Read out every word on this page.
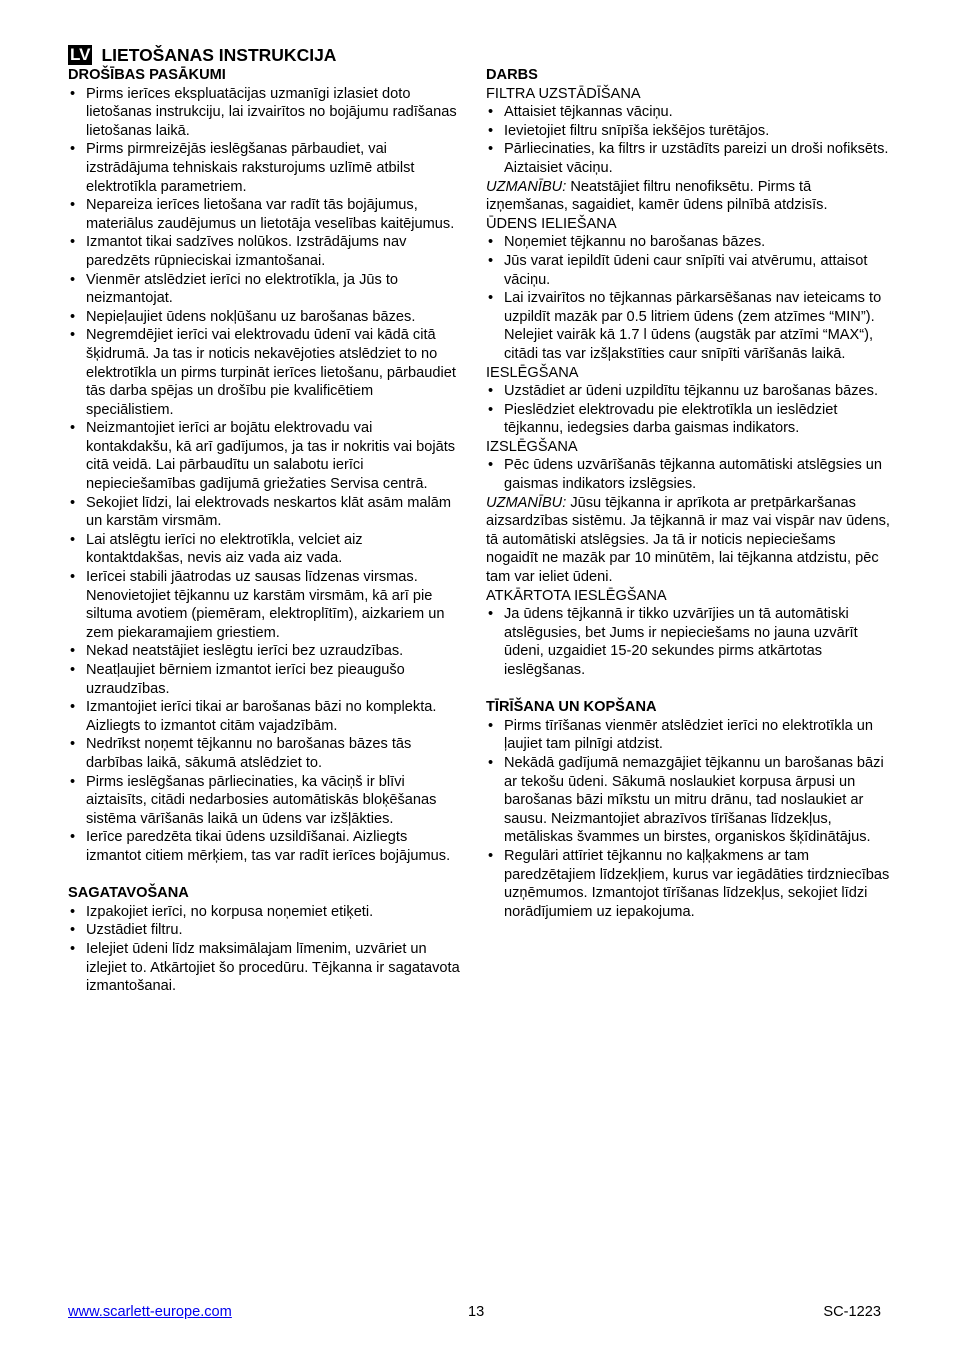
LV LIETOŠANAS INSTRUKCIJA
DROŠĪBAS PASĀKUMI
• Pirms ierīces ekspluatācijas uzmanīgi izlasiet doto lietošanas instrukciju, lai izvairītos no bojājumu radīšanas lietošanas laikā.
• Pirms pirmreizējās ieslēgšanas pārbaudiet, vai izstrādājuma tehniskais raksturojums uzlīmē atbilst elektrotīkla parametriem.
• Nepareiza ierīces lietošana var radīt tās bojājumus, materiālus zaudējumus un lietotāja veselības kaitējumus.
• Izmantot tikai sadzīves nolūkos. Izstrādājums nav paredzēts rūpnieciskai izmantošanai.
• Vienmēr atslēdziet ierīci no elektrotīkla, ja Jūs to neizmantojat.
• Nepieļaujiet ūdens nokļūšanu uz barošanas bāzes.
• Negremdējiet ierīci vai elektrovadu ūdenī vai kādā citā šķidrumā. Ja tas ir noticis nekavējoties atslēdziet to no elektrotīkla un pirms turpināt ierīces lietošanu, pārbaudiet tās darba spējas un drošību pie kvalificētiem speciālistiem.
• Neizmantojiet ierīci ar bojātu elektrovadu vai kontakdakšu, kā arī gadījumos, ja tas ir nokritis vai bojāts citā veidā. Lai pārbaudītu un salabotu ierīci nepieciešamības gadījumā griežaties Servisa centrā.
• Sekojiet līdzi, lai elektrovads neskartos klāt asām malām un karstām virsmām.
• Lai atslēgtu ierīci no elektrotīkla, velciet aiz kontaktdakšas, nevis aiz vada aiz vada.
• Ierīcei stabili jāatrodas uz sausas līdzenas virsmas. Nenovietojiet tējkannu uz karstām virsmām, kā arī pie siltuma avotiem (piemēram, elektroplītīm), aizkariem un zem piekaramajiem griestiem.
• Nekad neatstājiet ieslēgtu ierīci bez uzraudzības.
• Neatļaujiet bērniem izmantot ierīci bez pieaugušo uzraudzības.
• Izmantojiet ierīci tikai ar barošanas bāzi no komplekta. Aizliegts to izmantot citām vajadzībām.
• Nedrīkst noņemt tējkannu no barošanas bāzes tās darbības laikā, sākumā atslēdziet to.
• Pirms ieslēgšanas pārliecinaties, ka vāciņš ir blīvi aiztaisīts, citādi nedarbosies automātiskās bloķēšanas sistēma vārīšanās laikā un ūdens var izšļākties.
• Ierīce paredzēta tikai ūdens uzsildīšanai. Aizliegts izmantot citiem mērķiem, tas var radīt ierīces bojājumus.
SAGATAVOŠANA
• Izpakojiet ierīci, no korpusa noņemiet etiķeti.
• Uzstādiet filtru.
• Ielejiet ūdeni līdz maksimālajam līmenim, uzvāriet un izlejiet to. Atkārtojiet šo procedūru. Tējkanna ir sagatavota izmantošanai.
DARBS

FILTRA UZSTĀDĪŠANA

• Attaisiet tējkannas vāciņu.
• Ievietojiet filtru snīpīša iekšējos turētājos.
• Pārliecinaties, ka filtrs ir uzstādīts pareizi un droši nofiksēts. Aiztaisiet vāciņu.

UZMANĪBU: Neatstājiet filtru nenofiksētu. Pirms tā izņemšanas, sagaidiet, kamēr ūdens pilnībā atdzisīs.

ŪDENS IELIEŠANA

• Noņemiet tējkannu no barošanas bāzes.
• Jūs varat iepildīt ūdeni caur snīpīti vai atvērumu, attaisot vāciņu.
• Lai izvairītos no tējkannas pārkarsēšanas nav ieteicams to uzpildīt mazāk par 0.5 litriem ūdens (zem atzīmes “MIN”). Nelejiet vairāk kā 1.7 l ūdens (augstāk par atzīmi “MAX“), citādi tas var izšļakstīties caur snīpīti vārīšanās laikā.

IESLĒGŠANA

• Uzstādiet ar ūdeni uzpildītu tējkannu uz barošanas bāzes.
• Pieslēdziet elektrovadu pie elektrotīkla un ieslēdziet tējkannu, iedegsies darba gaismas indikators.

IZSLĒGŠANA

• Pēc ūdens uzvārīšanās tējkanna automātiski atslēgsies un gaismas indikators izslēgsies.

UZMANĪBU: Jūsu tējkanna ir aprīkota ar pretpārkaršanas aizsardzības sistēmu. Ja tējkannā ir maz vai vispār nav ūdens, tā automātiski atslēgsies. Ja tā ir noticis nepieciešams nogaidīt ne mazāk par 10 minūtēm, lai tējkanna atdzistu, pēc tam var ieliet ūdeni.

ATKĀRTOTA IESLĒGŠANA

• Ja ūdens tējkannā ir tikko uzvārījies un tā automātiski atslēgusies, bet Jums ir nepieciešams no jauna uzvārīt ūdeni, uzgaidiet 15-20 sekundes pirms atkārtotas ieslēgšanas.
TĪRĪŠANA UN KOPŠANA
• Pirms tīrīšanas vienmēr atslēdziet ierīci no elektrotīkla un ļaujiet tam pilnīgi atdzist.
• Nekādā gadījumā nemazgājiet tējkannu un barošanas bāzi ar tekošu ūdeni. Sākumā noslaukiet korpusa ārpusi un barošanas bāzi mīkstu un mitru drānu, tad noslaukiet ar sausu. Neizmantojiet abrazīvos tīrīšanas līdzekļus, metāliskas švammes un birstes, organiskos šķīdinātājus.
• Regulāri attīriet tējkannu no kaļķakmens ar tam paredzētajiem līdzekļiem, kurus var iegādāties tirdzniecības uzņēmumos. Izmantojot tīrīšanas līdzekļus, sekojiet līdzi norādījumiem uz iepakojuma.
www.scarlett-europe.com	13	SC-1223
